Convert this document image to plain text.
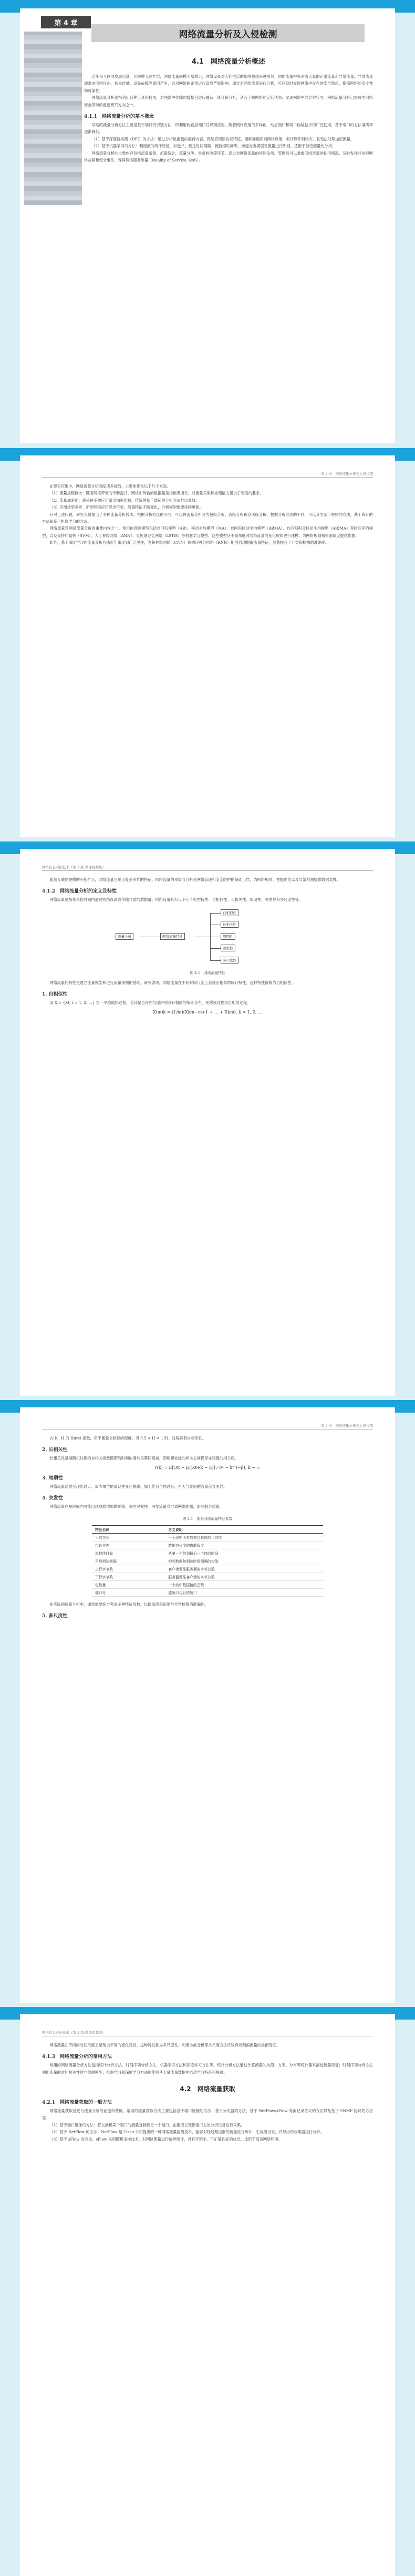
第 4 章
网络流量分析及入侵检测

4.1　网络流量分析概述

近年来互联网发展迅速，其规模飞速扩展，网络流量规模不断增大，网络设备对人们生活的影响也越来越明显，网络流量中夹杂着大量的正常流量和异常流量。异常流量通常由网络攻击、病毒传播、设备故障等原因产生，会对网络的正常运行造成严重影响。通过对网络流量进行分析，可以及时发现网络中存在的安全隐患，提高网络的安全性和可靠性。

网络流量分析是指利用各种工具和技术，对网络中传输的数据包进行捕获、统计和分析，从而了解网络的运行状态、发现网络中的异常行为。网络流量分析已经成为网络安全领域的重要研究方向之一。

4.1.1　网络流量分析的基本概念

早期的流量分析方法主要是基于端口的识别方法，即利用传输层端口号识别应用。随着网络应用的多样化，动态端口和端口伪装技术的广泛使用，基于端口的方法准确率逐渐降低。

（1）基于深度包检测（DPI）的方法：通过分析数据包的载荷内容，匹配应用层协议特征，能够准确识别网络应用，但计算开销较大，且无法处理加密流量。

（2）基于机器学习的方法：利用流的统计特征，如包长、到达时间间隔、流持续时间等，构建分类模型对流量进行识别，适用于加密流量的分析。

网络流量分析的主要内容包括流量采集、流量统计、流量分类、异常检测等环节。通过对网络流量的持续监测，管理员可以掌握网络资源的使用情况，及时发现并处理网络故障和安全事件，保障网络服务质量（Quality of Service, QoS）。

第 4 章　网络流量分析及入侵检测

在现实应用中，网络流量分析面临诸多挑战，主要体现在以下几个方面。

（1）流量规模巨大：随着网络带宽的不断提升，网络中传输的数据量呈指数级增长，对流量采集和处理能力提出了更高的要求。

（2）流量加密化：越来越多的应用采用加密传输，传统的基于载荷的分析方法难以奏效。

（3）应用类型多样：新型网络应用层出不穷，流量特征不断变化，分析模型需要持续更新。

针对上述问题，研究人员提出了多种流量分析技术。根据分析粒度的不同，可以将流量分析分为包级分析、流级分析和会话级分析；根据分析方法的不同，可以分为基于规则的方法、基于统计的方法和基于机器学习的方法。

网络流量预测是流量分析的重要内容之一。常用的预测模型包括自回归模型（AR）、移动平均模型（MA）、自回归移动平均模型（ARMA）、自回归积分移动平均模型（ARIMA）等时间序列模型，以及支持向量机（SVM）、人工神经网络（ANN）、长短期记忆网络（LSTM）等机器学习模型。这些模型从不同角度对网络流量的变化规律进行建模，为网络规划和资源调度提供依据。

此外，基于深度学习的流量分析方法近年来受到广泛关注，卷积神经网络（CNN）和循环神经网络（RNN）能够自动提取流量特征，显著提升了分类和检测的准确率。

网络信息对抗技术（第 2 版·微课视频版）

随着互联网规模的不断扩大，网络流量呈现出复杂多样的特征。网络流量的采集与分析是网络管理和安全防护的基础工作，为网络规划、性能优化以及异常检测提供数据支撑。

4.1.2　网络流量分析的定义及特性

网络流量是指在单位时间内通过网络设备或传输介质的数据量。网络流量具有以下几个典型特性：自相似性、长相关性、周期性、突发性和多尺度性等。

流量分析	网络流量特性
自相似性
长相关性
周期性
突发性
多尺度性
图 4.1　网络流量特性

网络流量的特性是建立流量模型和进行流量预测的基础。研究表明，网络流量在不同时间尺度上表现出相似的统计特性，这种特性被称为自相似性。

1. 自相似性

设 X = {Xt, t = 1, 2, …} 为一平稳随机过程，若其聚合序列与原序列具有相同的统计分布，则称该过程为自相似过程。

X(m)k = (1/m)(Xkm−m+1 + … + Xkm), k = 1, 2, …
第 4 章　网络流量分析及入侵检测

式中，H 为 Hurst 指数，用于衡量自相似的程度。当 0.5 < H < 1 时，过程具有自相似性。

2. 长相关性

长相关性是指随机过程的自相关函数随滞后时间的增加呈幂律衰减，即相距较远的样本之间仍存在较强的相关性。

r(k) = E[(Xt − μ)(Xt+k − μ)] / σ² ~ k^(−β), k → ∞
3. 周期性

网络流量通常呈现出以天、周为单位的周期性变化规律，如工作日与休息日、白天与夜间的流量差异明显。

4. 突发性

网络流量在短时间内可能出现急剧增加的现象，称为突发性。突发流量会导致网络拥塞，影响服务质量。

表 4.1　部分网络流量特征参数
特征名称	含义说明
平均包长	一个流中所有数据包长度的平均值
包长方差	数据包长度的离散程度
流持续时间	从第一个包到最后一个包的时间
平均到达间隔	相邻数据包到达时间间隔的均值
上行字节数	客户端发往服务器的字节总数
下行字节数	服务器发往客户端的字节总数
包数量	一个流中数据包的总数
端口号	源端口与目的端口

在实际的流量分析中，通常需要综合考虑多种特征参数，以提高流量识别与异常检测的准确性。

5. 多尺度性
网络信息对抗技术（第 2 版·微课视频版）

网络流量在不同的时间尺度上呈现出不同的变化特征，这种特性称为多尺度性。利用小波分析等多尺度方法可以有效刻画流量的局部特征。

4.1.3　网络流量分析的常用方法

常用的网络流量分析方法包括统计分析方法、时间序列分析方法、机器学习方法和深度学习方法等。统计分析方法通过计算流量的均值、方差、分布等统计量来描述流量特征；时间序列分析方法利用流量的时间相关性建立预测模型；机器学习和深度学习方法则能够从大量流量数据中自动学习特征和规律。

4.2　网络流量获取
4.2.1　网络流量获取的一般方法

网络流量获取是进行流量分析的前提和基础。常用的流量获取方法主要包括基于端口镜像的方法、基于分光器的方法、基于 NetFlow/sFlow 等流记录协议的方法以及基于 SNMP 协议的方法等。

（1）基于端口镜像的方法：将交换机某个端口的流量复制到另一个端口，由连接在镜像端口上的分析设备进行采集。

（2）基于 NetFlow 的方法：NetFlow 是 Cisco 公司提出的一种网络流量监测技术，能够对经过路由器的流量进行统计，生成流记录，并导出给收集器进行分析。

（3）基于 sFlow 的方法：sFlow 采用随机采样技术，对网络流量进行抽样统计，具有开销小、可扩展性好的优点，适用于高速网络环境。
